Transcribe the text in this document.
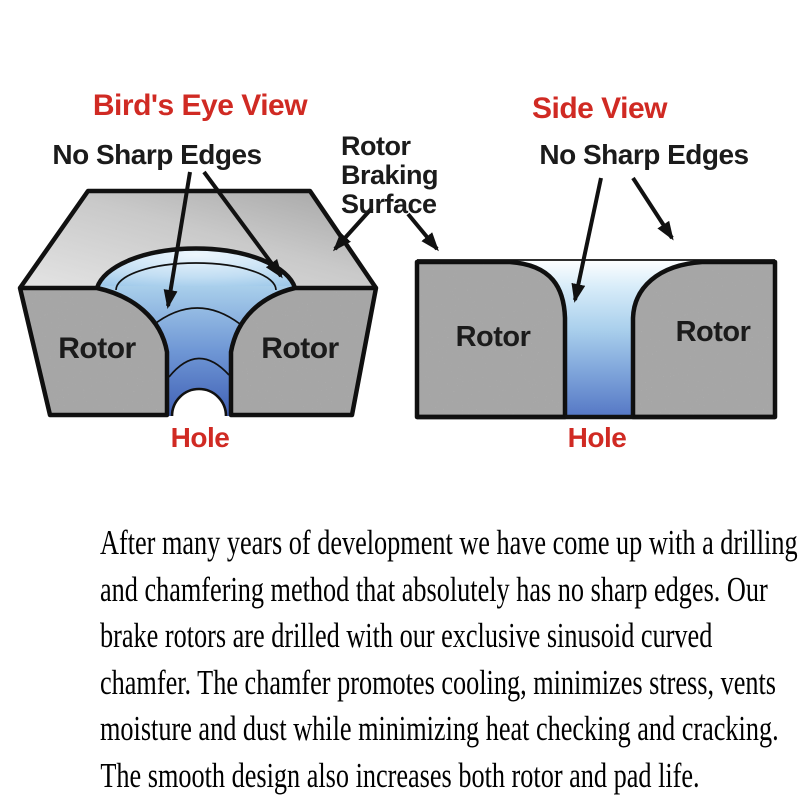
Bird's Eye View	Side View
No Sharp Edges	Rotor
Braking
Surface
No Sharp Edges
Rotor	Rotor
Hole
Rotor	Rotor
Hole
After many years of development we have come up with a drilling
and chamfering method that absolutely has no sharp edges. Our
brake rotors are drilled with our exclusive sinusoid curved
chamfer. The chamfer promotes cooling, minimizes stress, vents
moisture and dust while minimizing heat checking and cracking.
The smooth design also increases both rotor and pad life.
